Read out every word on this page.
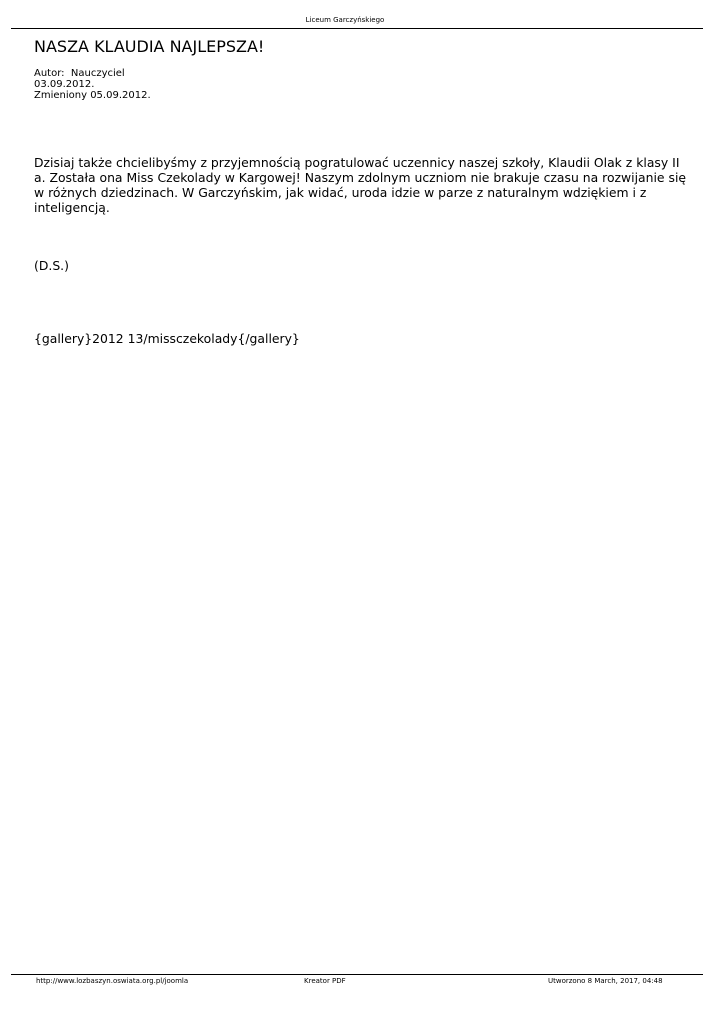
Liceum Garczyńskiego
NASZA KLAUDIA NAJLEPSZA!
Autor:  Nauczyciel
03.09.2012.
Zmieniony 05.09.2012.

Dzisiaj także chcielibyśmy z przyjemnością pogratulować uczennicy naszej szkoły, Klaudii Olak z klasy II a. Została ona Miss Czekolady w Kargowej! Naszym zdolnym uczniom nie brakuje czasu na rozwijanie się w różnych dziedzinach. W Garczyńskim, jak widać, uroda idzie w parze z naturalnym wdziękiem i z inteligencją.

(D.S.)
{gallery}2012 13/missczekolady{/gallery}
http://www.lozbaszyn.oswiata.org.pl/joomla	Kreator PDF	Utworzono 8 March, 2017, 04:48
